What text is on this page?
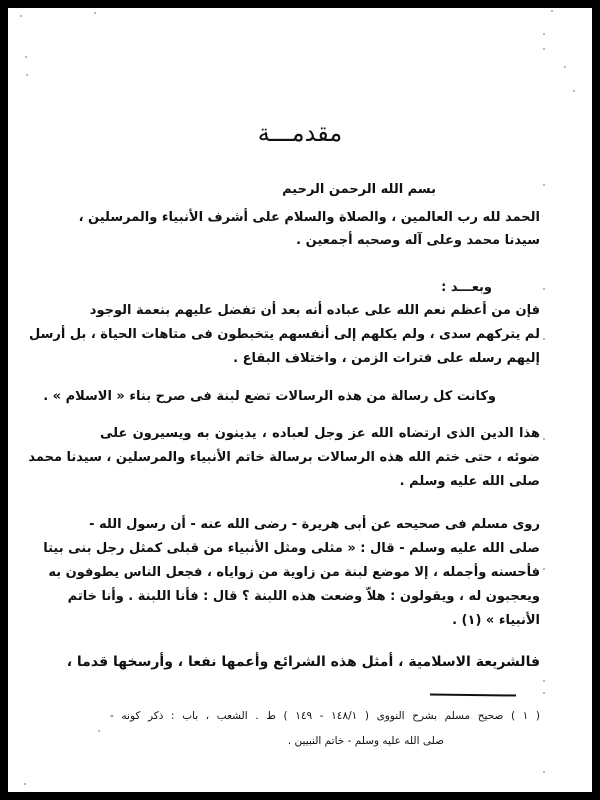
مقدمـــة
بسم الله الرحمن الرحيم
الحمد لله رب العالمين ، والصلاة والسلام على أشرف الأنبياء والمرسلين ،
سيدنا محمد وعلى آله وصحبه أجمعين .
وبعـــد :
فإن من أعظم نعم الله على عباده أنه بعد أن تفضل عليهم بنعمة الوجود
لم يتركهم سدى ، ولم يكلهم إلى أنفسهم يتخبطون فى متاهات الحياة ، بل أرسل
إليهم رسله على فترات الزمن ، واختلاف البقاع .
وكانت كل رسالة من هذه الرسالات تضع لبنة فى صرح بناء « الاسلام » .
هذا الدين الذى ارتضاه الله عز وجل لعباده ، يدينون به ويسيرون على
ضوئه ، حتى ختم الله هذه الرسالات برسالة خاتم الأنبياء والمرسلين ، سيدنا محمد
صلى الله عليه وسلم .
روى مسلم فى صحيحه عن أبى هريرة - رضى الله عنه - أن رسول الله -
صلى الله عليه وسلم - قال : « مثلى ومثل الأنبياء من قبلى كمثل رجل بنى بيتا
فأحسنه وأجمله ، إلا موضع لبنة من زاوية من زواياه ، فجعل الناس يطوفون به
ويعجبون له ، ويقولون : هلاّ وضعت هذه اللبنة ؟ قال : فأنا اللبنة . وأنا خاتم
الأنبياء » (١) .
فالشريعة الاسلامية ، أمثل هذه الشرائع وأعمها نفعا ، وأرسخها قدما ،
( ١ ) صحيح مسلم بشرح النووى ( ١٤٨/١ - ١٤٩ ) ط . الشعب ، باب : ذكر كونه -
صلى الله عليه وسلم - خاتم النبيين .
